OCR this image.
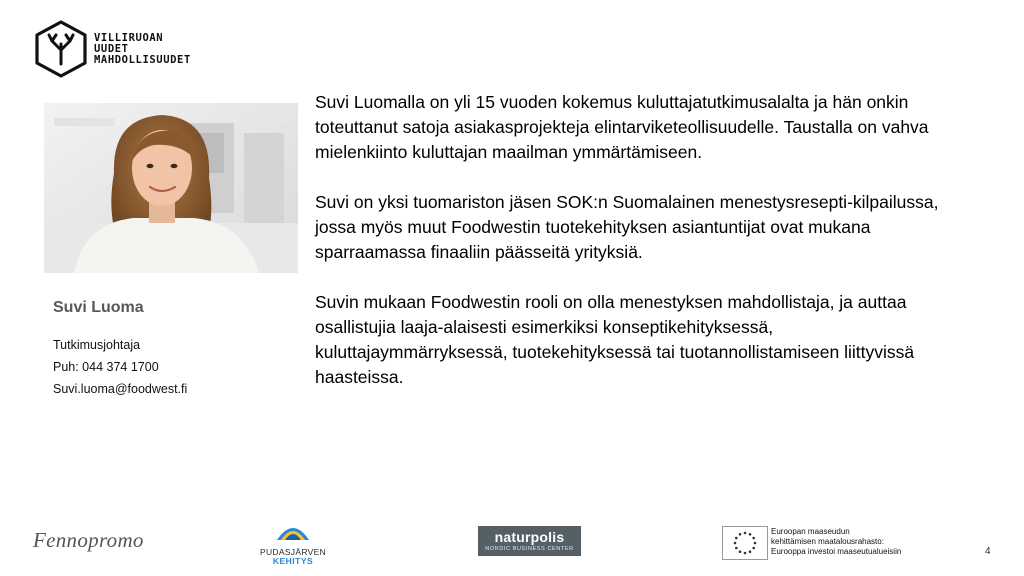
VILLIRUOAN
UUDET
MAHDOLLISUUDET
Suvi Luoma
Tutkimusjohtaja
Puh: 044 374 1700
Suvi.luoma@foodwest.fi

Suvi Luomalla on yli 15 vuoden kokemus kuluttajatutkimusalalta ja hän onkin toteuttanut satoja asiakasprojekteja elintarviketeollisuudelle. Taustalla on vahva mielenkiinto kuluttajan maailman ymmärtämiseen.

Suvi on yksi tuomariston jäsen SOK:n Suomalainen menestysresepti-kilpailussa, jossa myös muut Foodwestin tuotekehityksen asiantuntijat ovat mukana sparraamassa finaaliin päässeitä yrityksiä.

Suvin mukaan Foodwestin rooli on olla menestyksen mahdollistaja, ja auttaa osallistujia laaja-alaisesti esimerkiksi konseptikehityksessä, kuluttajaymmärryksessä, tuotekehityksessä tai tuotannollistamiseen liittyvissä haasteissa.

Fennopromo	PUDASJÄRVEN
KEHITYS
naturpolis
NORDIC BUSINESS CENTER
Euroopan maaseudun
kehittämisen maatalousrahasto:
Eurooppa investoi maaseutualueisiin	4
